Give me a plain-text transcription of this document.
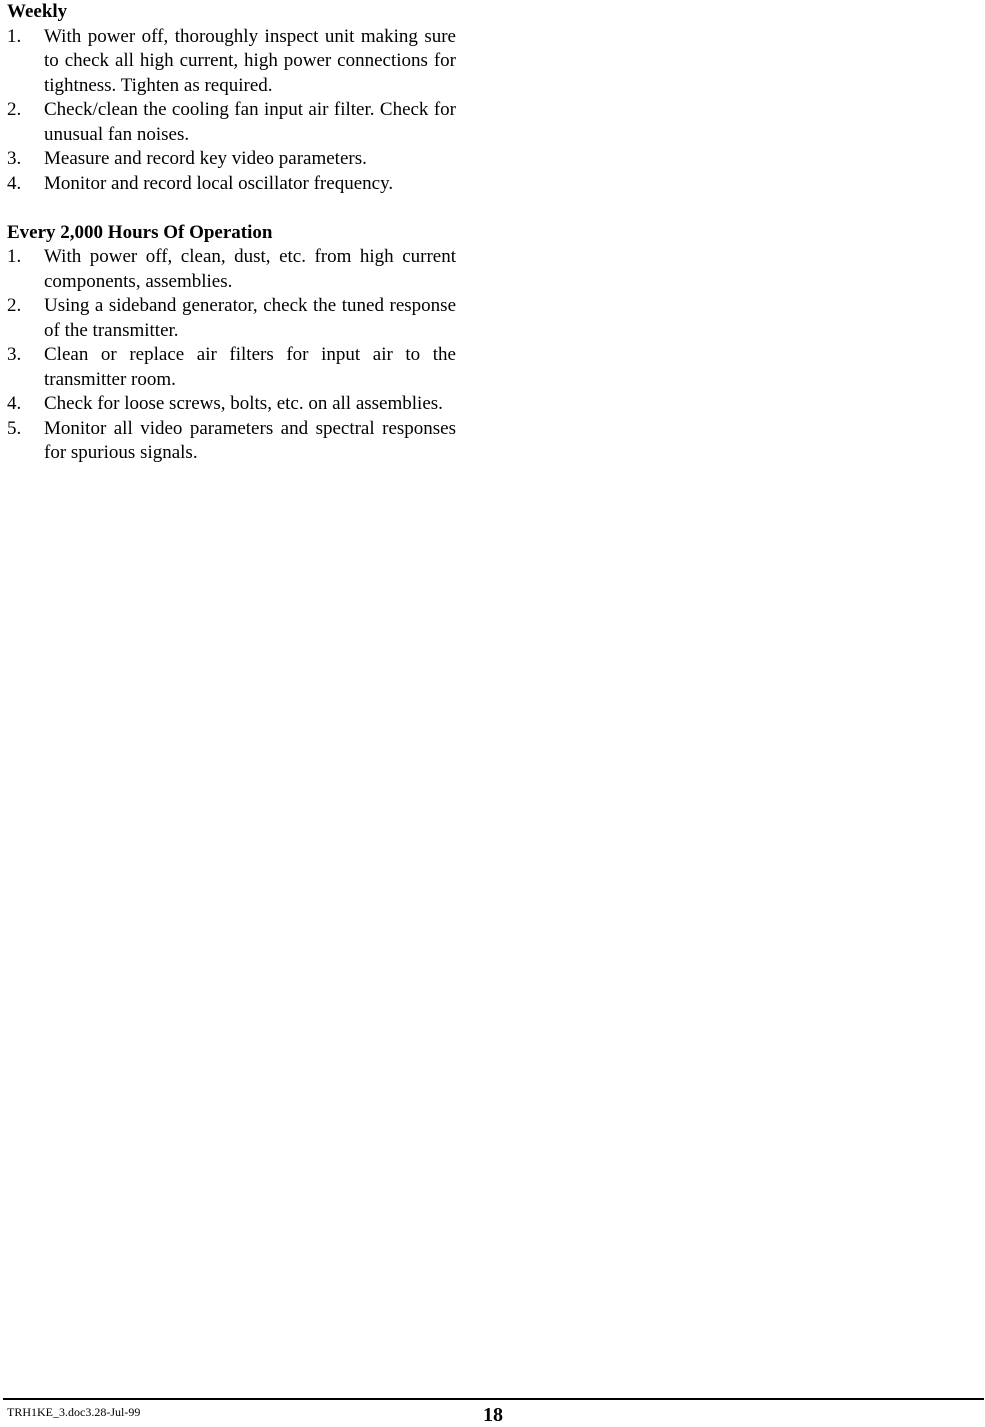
Weekly
1. With power off, thoroughly inspect unit making sure to check all high current, high power connections for tightness. Tighten as required.
2. Check/clean the cooling fan input air filter. Check for unusual fan noises.
3. Measure and record key video parameters.
4. Monitor and record local oscillator frequency.
Every 2,000 Hours Of Operation
1. With power off, clean, dust, etc. from high current components, assemblies.
2. Using a sideband generator, check the tuned response of the transmitter.
3. Clean or replace air filters for input air to the transmitter room.
4. Check for loose screws, bolts, etc. on all assemblies.
5. Monitor all video parameters and spectral responses for spurious signals.
TRH1KE_3.doc3.28-Jul-99	18
